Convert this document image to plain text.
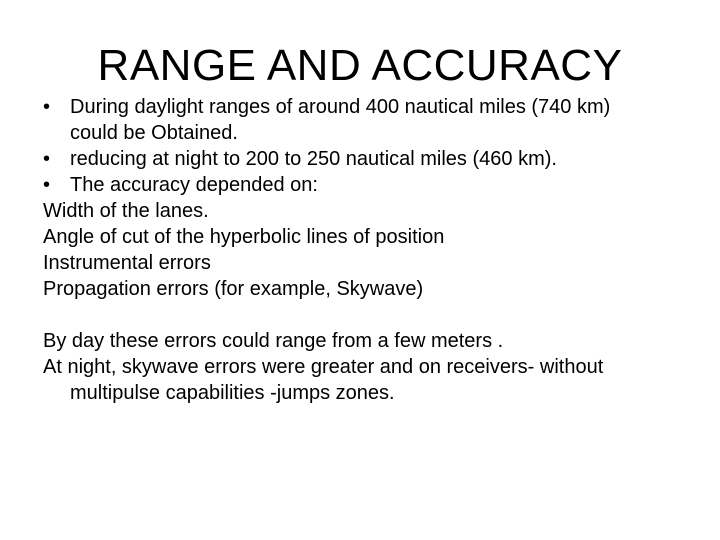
RANGE AND ACCURACY
• During daylight ranges of around 400 nautical miles (740 km)
could be Obtained.
• reducing at night to 200 to 250 nautical miles (460 km).
• The accuracy depended on:
Width of the lanes.
Angle of cut of the hyperbolic lines of position
Instrumental errors
Propagation errors (for example, Skywave)
By day these errors could range from a few meters .
At night, skywave errors were greater and on receivers- without
multipulse capabilities -jumps zones.
